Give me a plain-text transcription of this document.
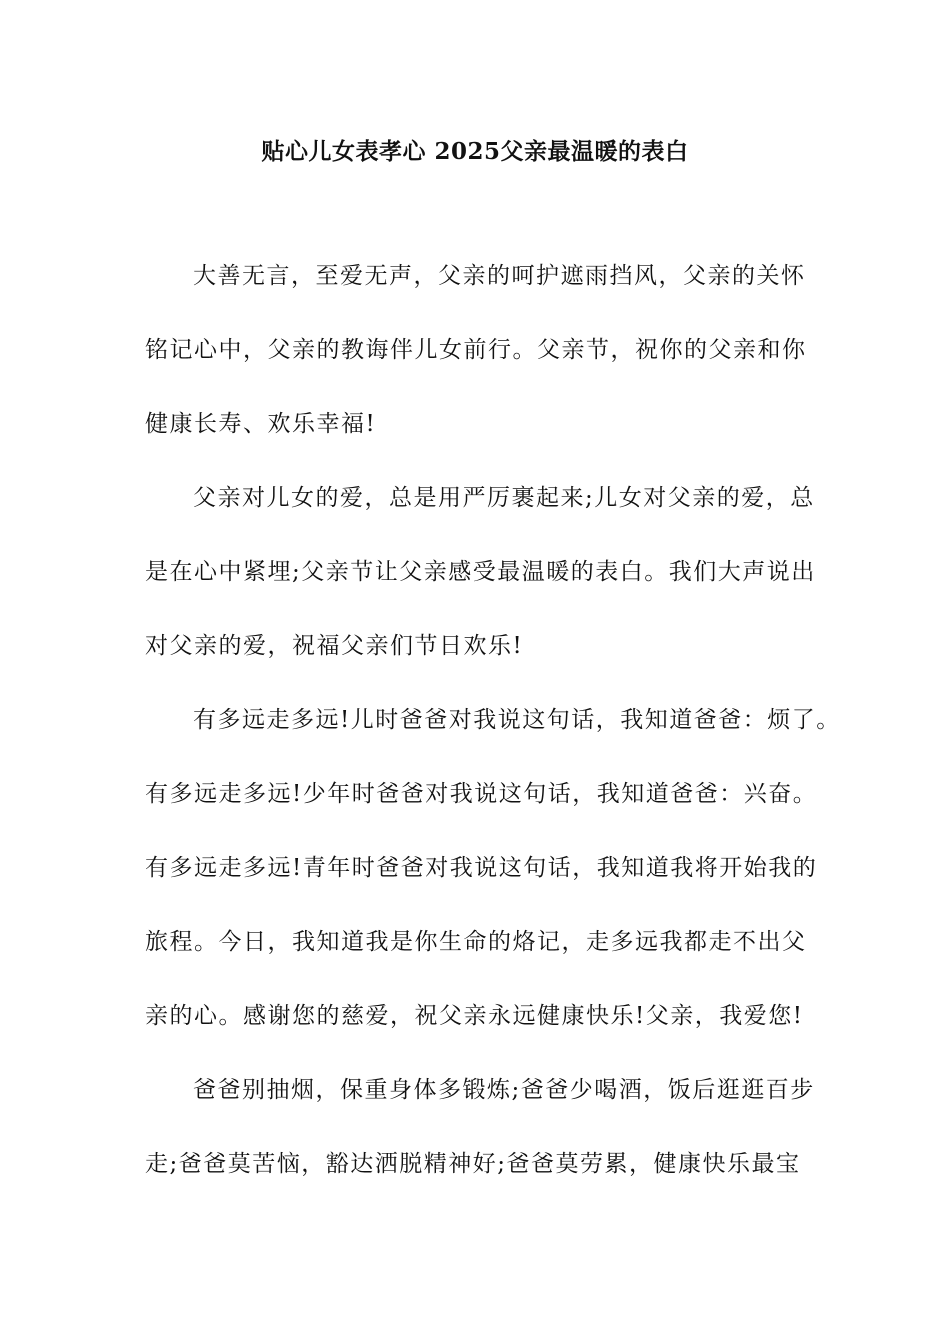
贴心儿女表孝心 2025父亲最温暖的表白
大善无言，至爱无声，父亲的呵护遮雨挡风，父亲的关怀
铭记心中，父亲的教诲伴儿女前行。父亲节，祝你的父亲和你
健康长寿、欢乐幸福!
父亲对儿女的爱，总是用严厉裹起来;儿女对父亲的爱，总
是在心中紧埋;父亲节让父亲感受最温暖的表白。我们大声说出
对父亲的爱，祝福父亲们节日欢乐!
有多远走多远!儿时爸爸对我说这句话，我知道爸爸：烦了。
有多远走多远!少年时爸爸对我说这句话，我知道爸爸：兴奋。
有多远走多远!青年时爸爸对我说这句话，我知道我将开始我的
旅程。今日，我知道我是你生命的烙记，走多远我都走不出父
亲的心。感谢您的慈爱，祝父亲永远健康快乐!父亲，我爱您!
爸爸别抽烟，保重身体多锻炼;爸爸少喝酒，饭后逛逛百步
走;爸爸莫苦恼，豁达洒脱精神好;爸爸莫劳累，健康快乐最宝
